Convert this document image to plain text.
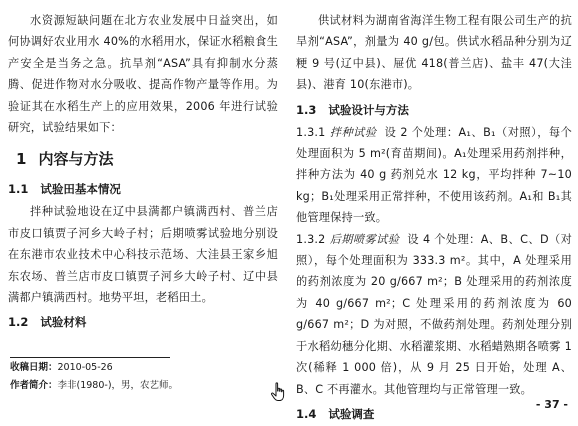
水资源短缺问题在北方农业发展中日益突出，如何协调好农业用水 40%的水稻用水，保证水稻粮食生产安全是当务之急。抗旱剂“ASA”具有抑制水分蒸腾、促进作物对水分吸收、提高作物产量等作用。为验证其在水稻生产上的应用效果，2006 年进行试验研究，试验结果如下：

1 内容与方法
1.1 试验田基本情况

拌种试验地设在辽中县满都户镇满西村、普兰店市皮口镇贾子河乡大岭子村；后期喷雾试验地分别设在东港市农业技术中心科技示范场、大洼县王家乡旭东农场、普兰店市皮口镇贾子河乡大岭子村、辽中县满都户镇满西村。地势平坦，老稻田土。

1.2 试验材料
收稿日期：2010-05-26
作者简介：李非(1980-)，男，农艺师。

供试材料为湖南省海洋生物工程有限公司生产的抗旱剂“ASA”，剂量为 40 g/包。供试水稻品种分别为辽粳 9 号(辽中县)、屉优 418(普兰店)、盐丰 47(大洼县)、港育 10(东港市)。

1.3 试验设计与方法

1.3.1 拌种试验 设 2 个处理：A₁、B₁（对照），每个处理面积为 5 m²(育苗期间)。A₁处理采用药剂拌种，拌种方法为 40 g 药剂兑水 12 kg，平均拌种 7~10 kg；B₁处理采用正常拌种，不使用该药剂。A₁和 B₁其他管理保持一致。

1.3.2 后期喷雾试验 设 4 个处理：A、B、C、D（对照），每个处理面积为 333.3 m²。其中，A 处理采用的药剂浓度为 20 g/667 m²；B 处理采用的药剂浓度为 40 g/667 m²；C 处理采用的药剂浓度为 60 g/667 m²；D 为对照，不做药剂处理。药剂处理分别于水稻幼穗分化期、水稻灌浆期、水稻蜡熟期各喷雾 1 次(稀释 1 000 倍)，从 9 月 25 日开始，处理 A、B、C 不再灌水。其他管理均与正常管理一致。

1.4 试验调查
- 37 -
